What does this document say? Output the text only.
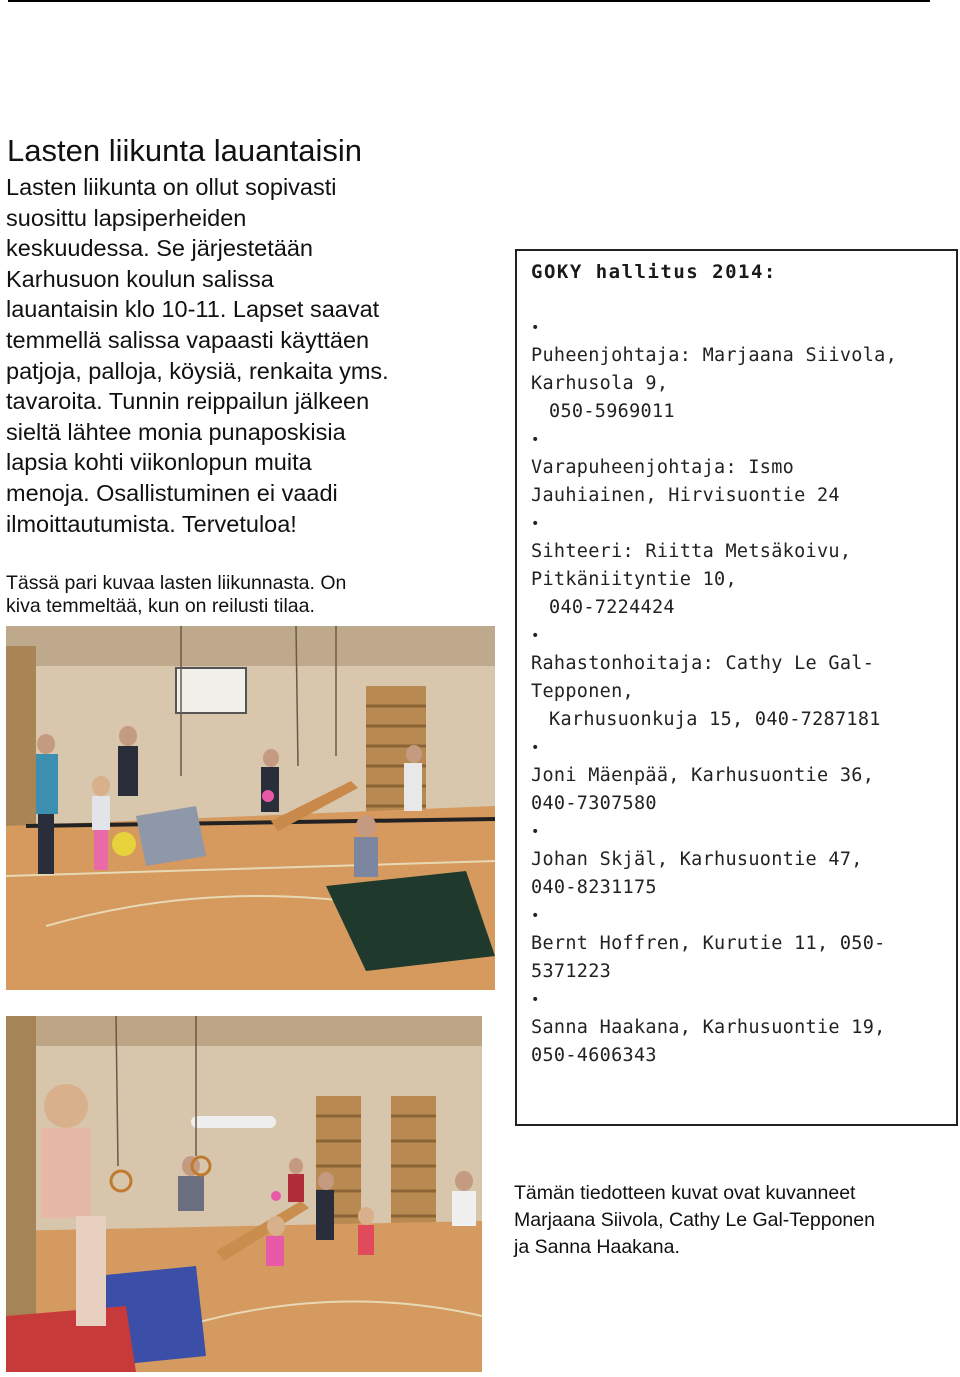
Lasten liikunta lauantaisin

Lasten liikunta on ollut sopivasti
suosittu lapsiperheiden
keskuudessa. Se järjestetään
Karhusuon koulun salissa
lauantaisin klo 10-11. Lapset saavat
temmellä salissa vapaasti käyttäen
patjoja, palloja, köysiä, renkaita yms.
tavaroita. Tunnin reippailun jälkeen
sieltä lähtee monia punaposkisia
lapsia kohti viikonlopun muita
menoja. Osallistuminen ei vaadi
ilmoittautumista. Tervetuloa!

Tässä pari kuvaa lasten liikunnasta. On
kiva temmeltää, kun on reilusti tilaa.

GOKY hallitus 2014:
•
Puheenjohtaja: Marjaana Siivola,
Karhusola 9,
050-5969011
•
Varapuheenjohtaja: Ismo
Jauhiainen, Hirvisuontie 24
•
Sihteeri: Riitta Metsäkoivu,
Pitkäniityntie 10,
040-7224424
•
Rahastonhoitaja: Cathy Le Gal-
Tepponen,
Karhusuonkuja 15, 040-7287181
•
Joni Mäenpää, Karhusuontie 36,
040-7307580
•
Johan Skjäl, Karhusuontie 47,
040-8231175
•
Bernt Hoffren, Kurutie 11, 050-
5371223
•
Sanna Haakana, Karhusuontie 19,
050-4606343

Tämän tiedotteen kuvat ovat kuvanneet
Marjaana Siivola, Cathy Le Gal-Tepponen
ja Sanna Haakana.
